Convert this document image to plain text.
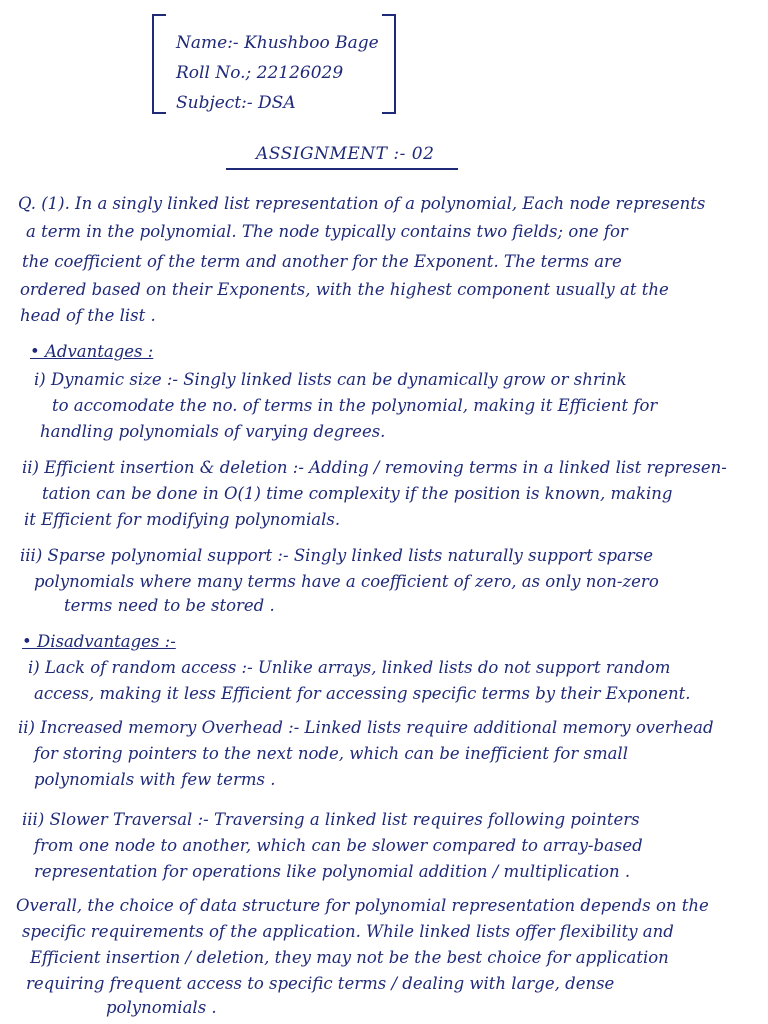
Name:- Khushboo Bage
Roll No.; 22126029
Subject:- DSA
ASSIGNMENT :- 02
Q. (1). In a singly linked list representation of a polynomial, Each node represents
a term in the polynomial. The node typically contains two fields; one for
the coefficient of the term and another for the Exponent. The terms are
ordered based on their Exponents, with the highest component usually at the
head of the list .
• Advantages :
i) Dynamic size :- Singly linked lists can be dynamically grow or shrink
to accomodate the no. of terms in the polynomial, making it Efficient for
handling polynomials of varying degrees.
ii) Efficient insertion & deletion :- Adding / removing terms in a linked list represen-
tation can be done in O(1) time complexity if the position is known, making
it Efficient for modifying polynomials.
iii) Sparse polynomial support :- Singly linked lists naturally support sparse
polynomials where many terms have a coefficient of zero, as only non-zero
terms need to be stored .
• Disadvantages :-
i) Lack of random access :- Unlike arrays, linked lists do not support random
access, making it less Efficient for accessing specific terms by their Exponent.
ii) Increased memory Overhead :- Linked lists require additional memory overhead
for storing pointers to the next node, which can be inefficient for small
polynomials with few terms .
iii) Slower Traversal :- Traversing a linked list requires following pointers
from one node to another, which can be slower compared to array-based
representation for operations like polynomial addition / multiplication .
Overall, the choice of data structure for polynomial representation depends on the
specific requirements of the application. While linked lists offer flexibility and
Efficient insertion / deletion, they may not be the best choice for application
requiring frequent access to specific terms / dealing with large, dense
polynomials .
